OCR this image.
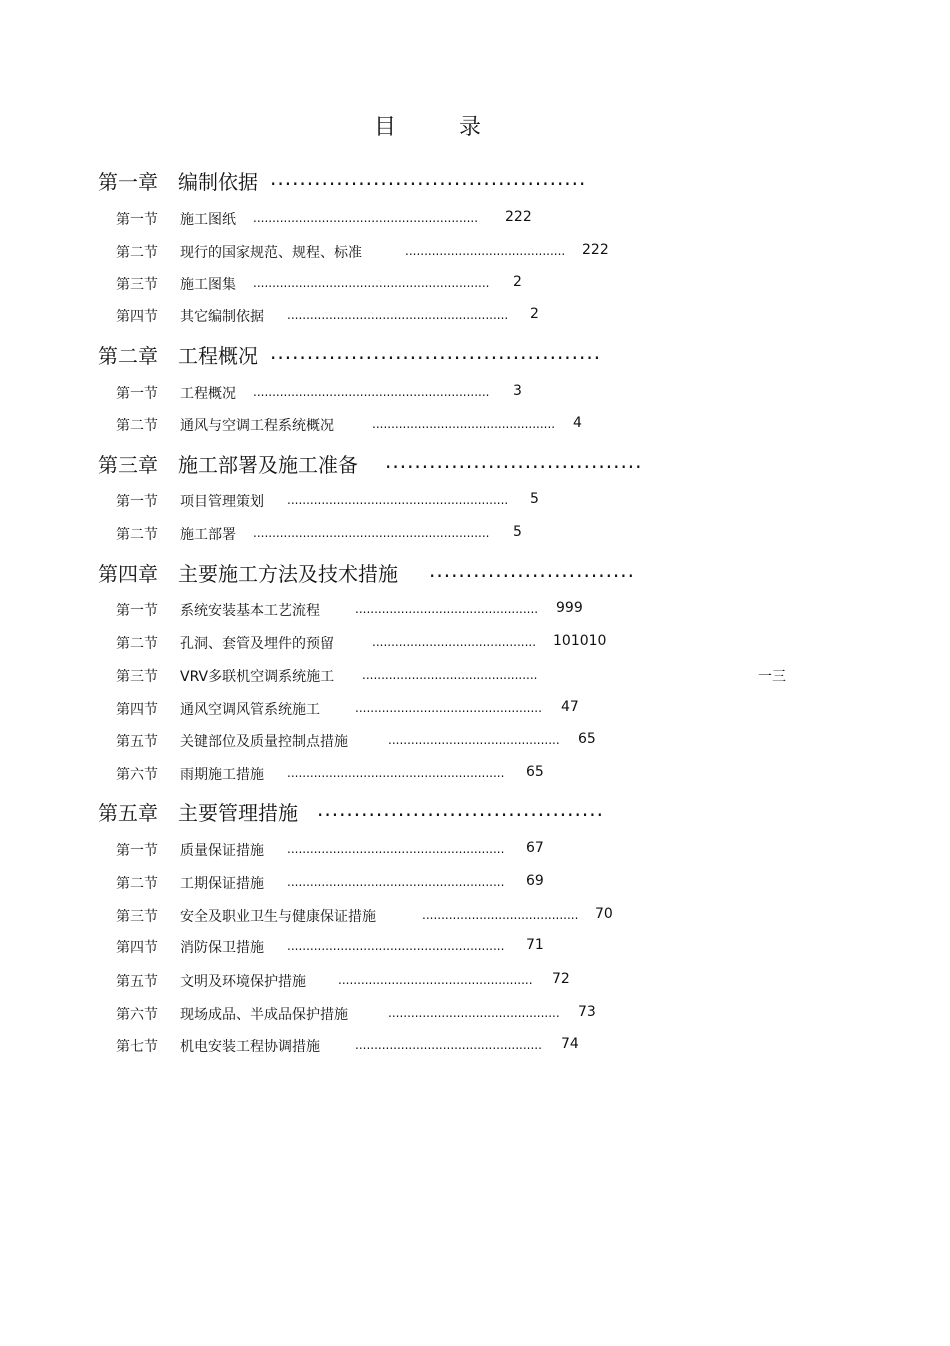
目 录
第一章 编制依据 ...........................................
第一节 施工图纸 ........................................................... 222
第二节 现行的国家规范、规程、标准	.......................................... 222
第三节 施工图集 .............................................................. 2
第四节 其它编制依据 .......................................................... 2
第二章 工程概况 .............................................
第一节 工程概况 .............................................................. 3
第二节 通风与空调工程系统概况	................................................ 4
第三章 施工部署及施工准备 ...................................
第一节 项目管理策划 .......................................................... 5
第二节 施工部署 .............................................................. 5
第四章 主要施工方法及技术措施 ............................
第一节 系统安装基本工艺流程	................................................ 999
第二节 孔洞、套管及埋件的预留	........................................... 101010
第三节 VRV多联机空调系统施工 ..............................................	一三
第四节 通风空调风管系统施工	................................................. 47
第五节 关键部位及质量控制点措施	............................................. 65
第六节 雨期施工措施 ......................................................... 65
第五章 主要管理措施 .......................................
第一节 质量保证措施 ......................................................... 67
第二节 工期保证措施 ......................................................... 69
第三节 安全及职业卫生与健康保证措施	......................................... 70
第四节 消防保卫措施 ......................................................... 71
第五节 文明及环境保护措施	................................................... 72
第六节 现场成品、半成品保护措施	............................................. 73
第七节 机电安装工程协调措施	................................................. 74
